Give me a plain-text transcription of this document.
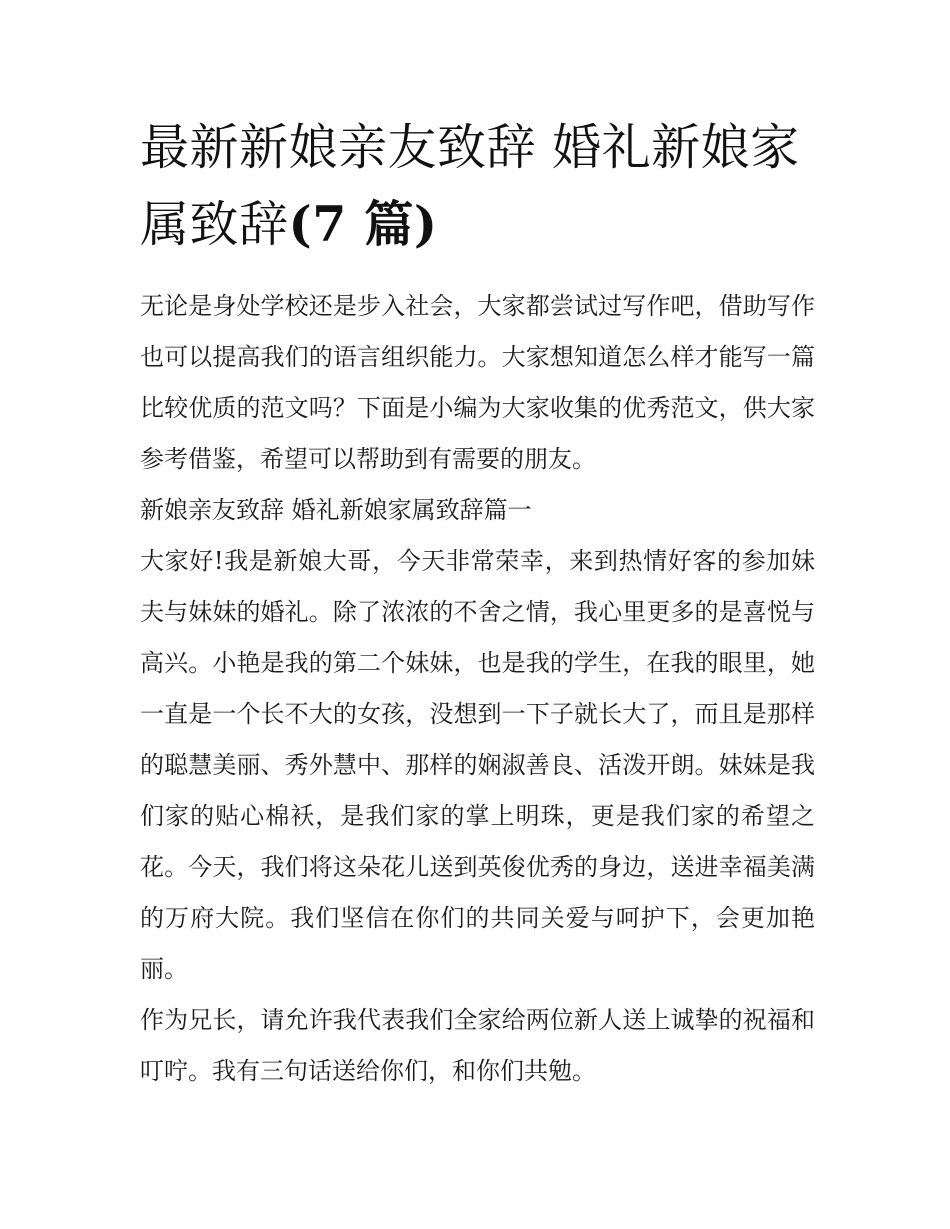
最新新娘亲友致辞 婚礼新娘家属致辞(7 篇)

无论是身处学校还是步入社会，大家都尝试过写作吧，借助写作也可以提高我们的语言组织能力。大家想知道怎么样才能写一篇比较优质的范文吗？下面是小编为大家收集的优秀范文，供大家参考借鉴，希望可以帮助到有需要的朋友。

新娘亲友致辞 婚礼新娘家属致辞篇一

大家好!我是新娘大哥，今天非常荣幸，来到热情好客的参加妹夫与妹妹的婚礼。除了浓浓的不舍之情，我心里更多的是喜悦与高兴。小艳是我的第二个妹妹，也是我的学生，在我的眼里，她一直是一个长不大的女孩，没想到一下子就长大了，而且是那样的聪慧美丽、秀外慧中、那样的娴淑善良、活泼开朗。妹妹是我们家的贴心棉袄，是我们家的掌上明珠，更是我们家的希望之花。今天，我们将这朵花儿送到英俊优秀的身边，送进幸福美满的万府大院。我们坚信在你们的共同关爱与呵护下，会更加艳丽。

作为兄长，请允许我代表我们全家给两位新人送上诚挚的祝福和叮咛。我有三句话送给你们，和你们共勉。
